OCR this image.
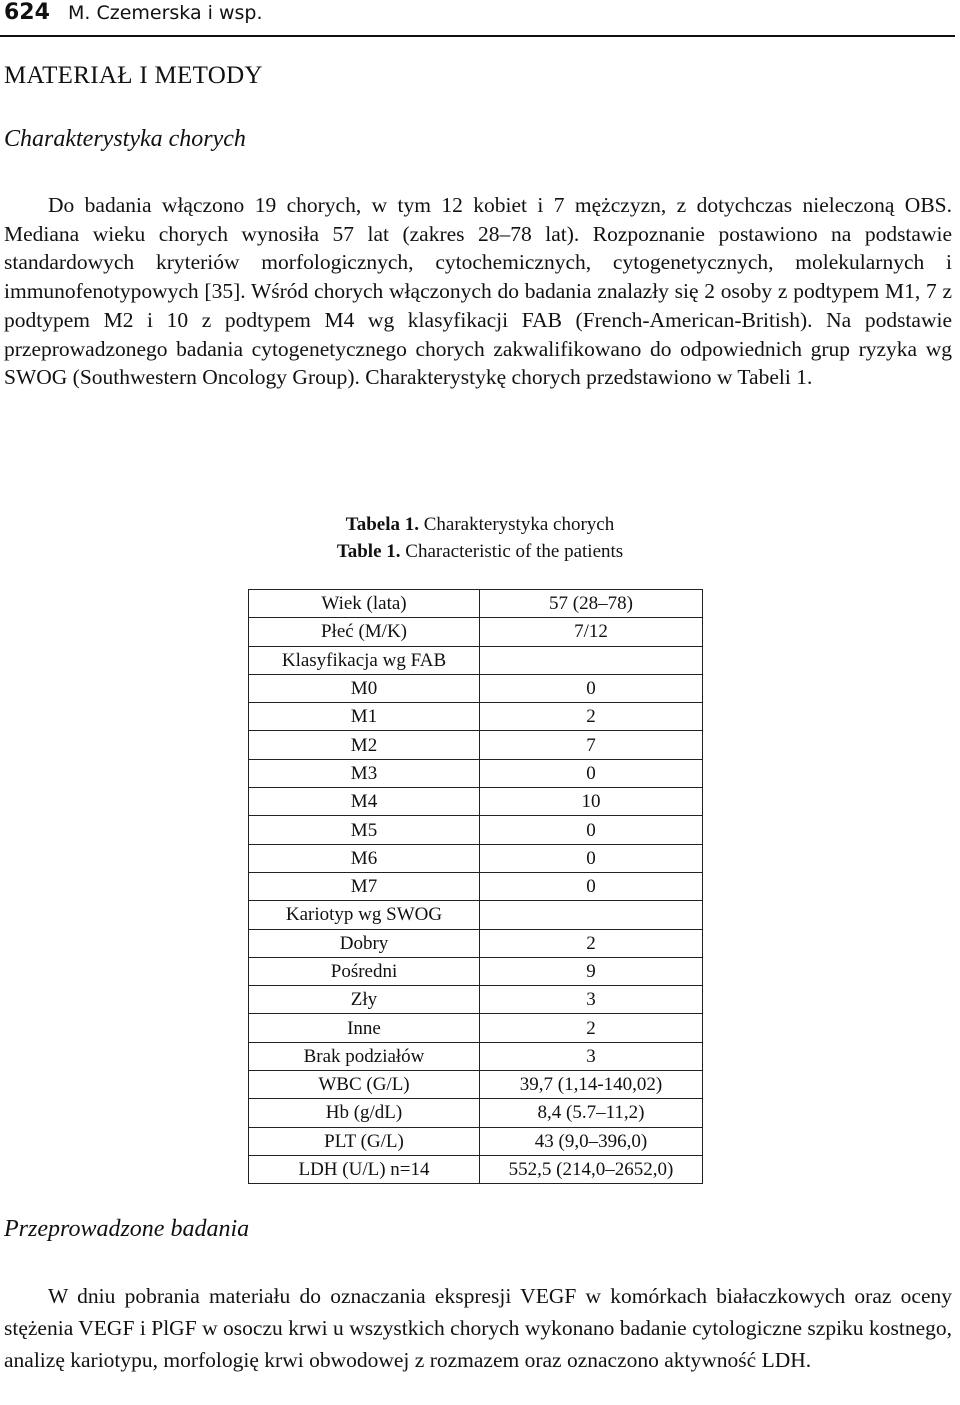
624 M. Czemerska i wsp.
MATERIAŁ I METODY
Charakterystyka chorych

Do badania włączono 19 chorych, w tym 12 kobiet i 7 mężczyzn, z dotychczas nieleczoną OBS. Mediana wieku chorych wynosiła 57 lat (zakres 28–78 lat). Rozpoznanie postawiono na podstawie standardowych kryteriów morfologicznych, cytochemicznych, cytogenetycznych, molekularnych i immunofenotypowych [35]. Wśród chorych włączonych do badania znalazły się 2 osoby z podtypem M1, 7 z podtypem M2 i 10 z podtypem M4 wg klasyfikacji FAB (French-American-British). Na podstawie przeprowadzonego badania cytogenetycznego chorych zakwalifikowano do odpowiednich grup ryzyka wg SWOG (Southwestern Oncology Group). Charakterystykę chorych przedstawiono w Tabeli 1.

Tabela 1. Charakterystyka chorych
Table 1. Characteristic of the patients
Wiek (lata)	57 (28–78)
Płeć (M/K)	7/12
Klasyfikacja wg FAB	
M0	0
M1	2
M2	7
M3	0
M4	10
M5	0
M6	0
M7	0
Kariotyp wg SWOG	
Dobry	2
Pośredni	9
Zły	3
Inne	2
Brak podziałów	3
WBC (G/L)	39,7 (1,14-140,02)
Hb (g/dL)	8,4 (5.7–11,2)
PLT (G/L)	43 (9,0–396,0)
LDH (U/L) n=14	552,5 (214,0–2652,0)
Przeprowadzone badania

W dniu pobrania materiału do oznaczania ekspresji VEGF w komórkach białaczkowych oraz oceny stężenia VEGF i PlGF w osoczu krwi u wszystkich chorych wykonano badanie cytologiczne szpiku kostnego, analizę kariotypu, morfologię krwi obwodowej z rozmazem oraz oznaczono aktywność LDH.
